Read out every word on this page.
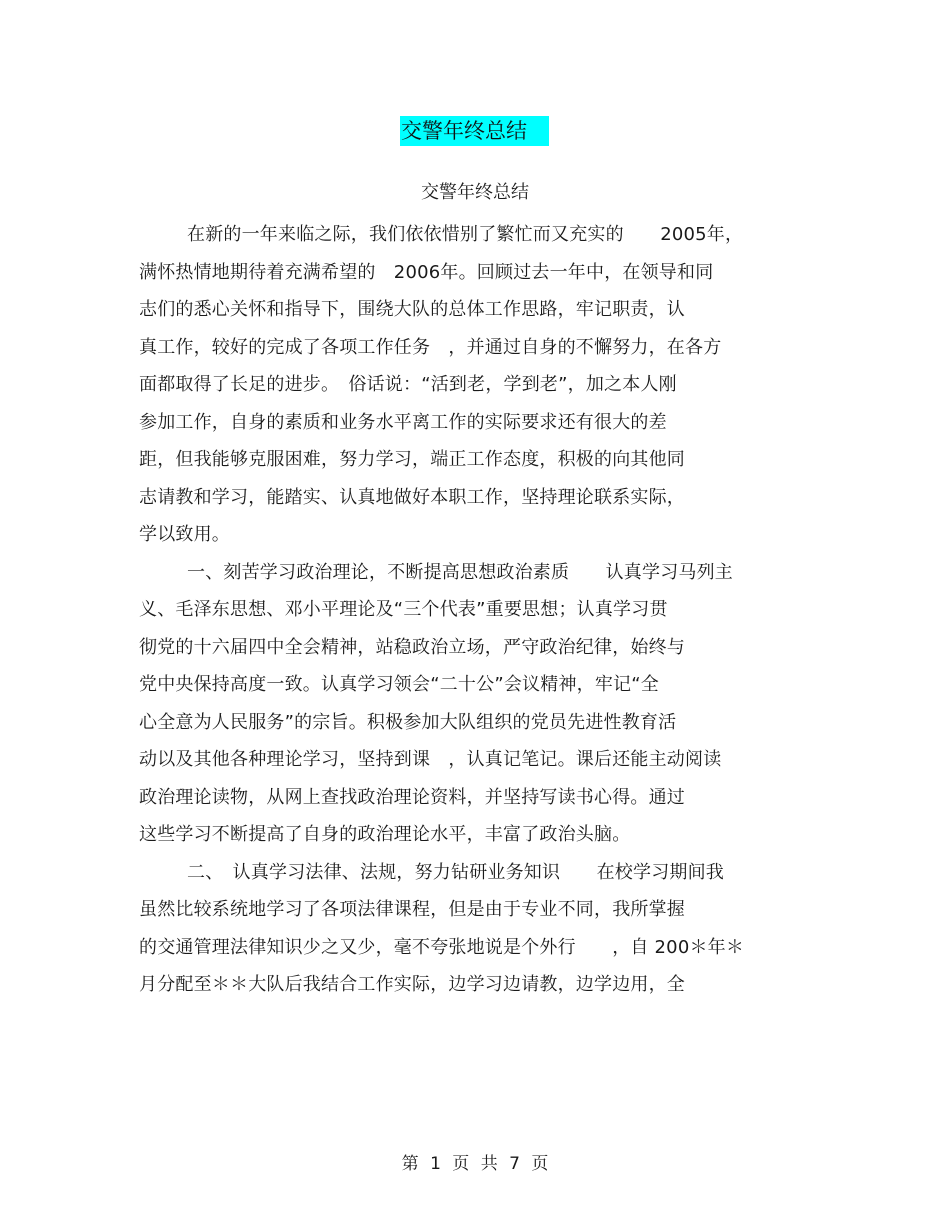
交警年终总结
交警年终总结
在新的一年来临之际，我们依依惜别了繁忙而又充实的　　2005年，
满怀热情地期待着充满希望的　2006年。回顾过去一年中，在领导和同
志们的悉心关怀和指导下，围绕大队的总体工作思路，牢记职责，认
真工作，较好的完成了各项工作任务　，并通过自身的不懈努力，在各方
面都取得了长足的进步。　俗话说：“活到老，学到老”，加之本人刚
参加工作，自身的素质和业务水平离工作的实际要求还有很大的差
距，但我能够克服困难，努力学习，端正工作态度，积极的向其他同
志请教和学习，能踏实、认真地做好本职工作，坚持理论联系实际，
学以致用。
一、刻苦学习政治理论，不断提高思想政治素质　　认真学习马列主
义、毛泽东思想、邓小平理论及“三个代表”重要思想；认真学习贯
彻党的十六届四中全会精神，站稳政治立场，严守政治纪律，始终与
党中央保持高度一致。认真学习领会“二十公”会议精神，牢记“全
心全意为人民服务”的宗旨。积极参加大队组织的党员先进性教育活
动以及其他各种理论学习，坚持到课　，认真记笔记。课后还能主动阅读
政治理论读物，从网上查找政治理论资料，并坚持写读书心得。通过
这些学习不断提高了自身的政治理论水平，丰富了政治头脑。
二、　认真学习法律、法规，努力钻研业务知识　　在校学习期间我
虽然比较系统地学习了各项法律课程，但是由于专业不同，我所掌握
的交通管理法律知识少之又少，毫不夸张地说是个外行　　，自 200＊年＊
月分配至＊＊大队后我结合工作实际，边学习边请教，边学边用，全
第 1 页 共 7 页
